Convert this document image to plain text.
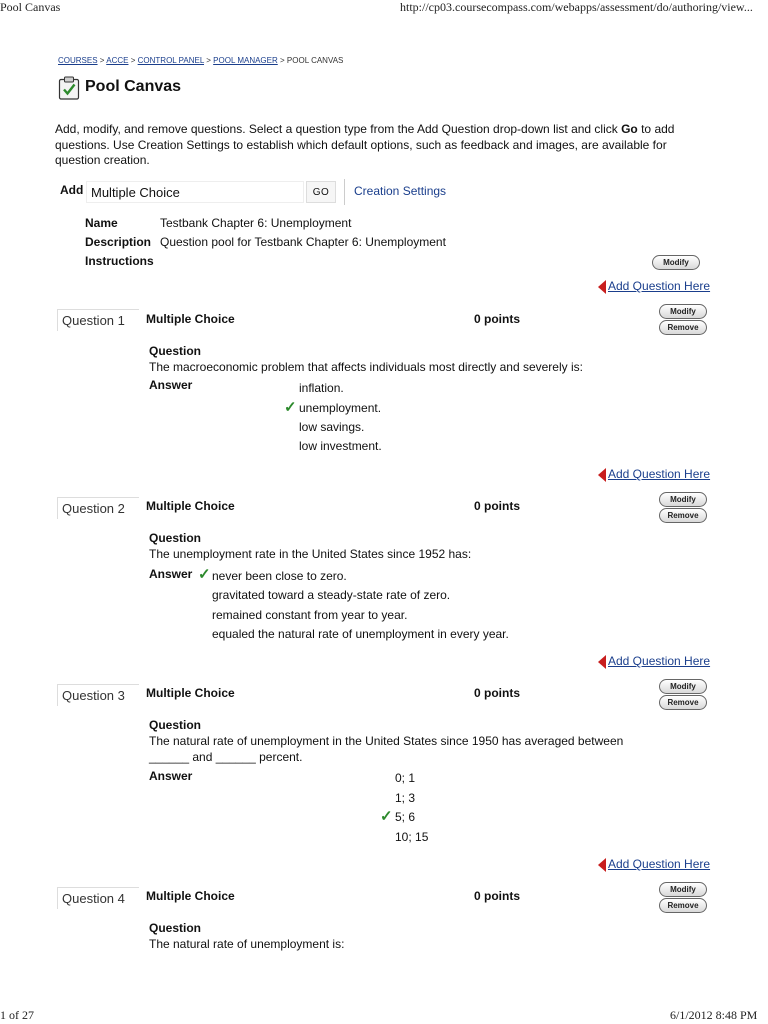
Pool Canvas	http://cp03.coursecompass.com/webapps/assessment/do/authoring/view...
1 of 27	6/1/2012 8:48 PM
COURSES > ACCE > CONTROL PANEL > POOL MANAGER > POOL CANVAS
Pool Canvas
Add, modify, and remove questions. Select a question type from the Add Question drop-down list and click Go to add questions. Use Creation Settings to establish which default options, such as feedback and images, are available for question creation.
Add Multiple Choice	GO	Creation Settings
Name	Testbank Chapter 6: Unemployment
Description Question pool for Testbank Chapter 6: Unemployment
Instructions	Modify
Add Question Here
Question 1	Multiple Choice	0 points
Modify
Remove
Question
The macroeconomic problem that affects individuals most directly and severely is:
Answer	inflation.
✓ unemployment.
low savings.
low investment.
Add Question Here
Question 2	Multiple Choice	0 points	Modify
Remove
Question
The unemployment rate in the United States since 1952 has:
Answer ✓ never been close to zero.
gravitated toward a steady-state rate of zero.
remained constant from year to year.
equaled the natural rate of unemployment in every year.
Add Question Here
Question 3	Multiple Choice	0 points	Modify
Remove
Question
The natural rate of unemployment in the United States since 1950 has averaged between ______ and ______ percent.
Answer	0; 1
1; 3
✓ 5; 6
10; 15
Add Question Here
Question 4	Multiple Choice	0 points	Modify
Remove
Question
The natural rate of unemployment is:
